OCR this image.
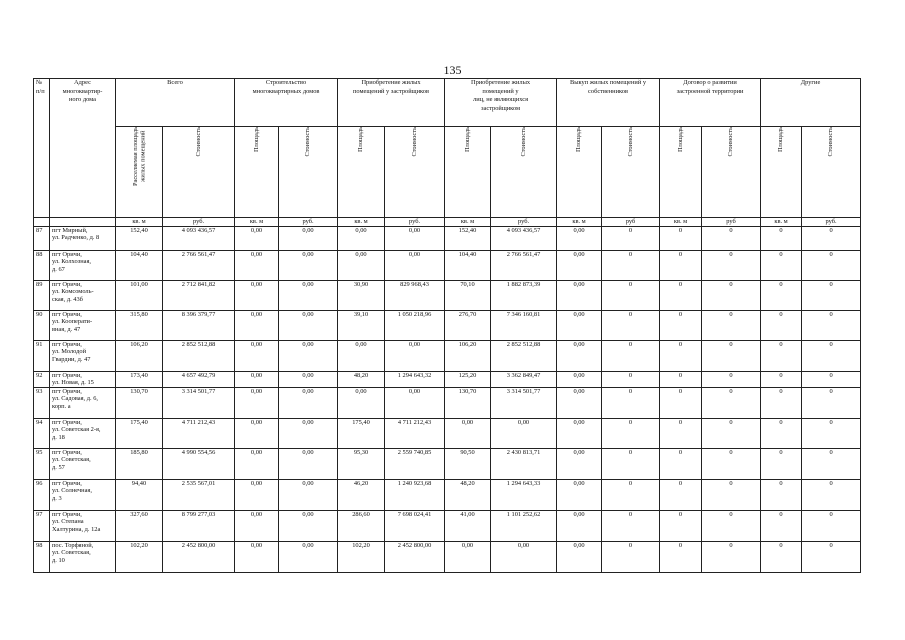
135
№
п/п	Адрес
многоквартир-
ного дома	Всего		Строительство
многоквартирных домов		Приобретение жилых
помещений у застройщиков		Приобретение жилых
помещений у
лиц, не являющихся
застройщиком		Выкуп жилых помещений у
собственников		Договор о развитии
застроенной территории		Другие	

		Расселяемая площадь
жилых помещений	Стоимость	Площадь	Стоимость	Площадь	Стоимость	Площадь	Стоимость	Площадь	Стоимость	Площадь	Стоимость	Площадь	Стоимость

		кв. м	руб.	кв. м	руб.	кв. м	руб.	кв. м	руб.	кв. м	руб	кв. м	руб	кв. м	руб.
87	пгт Мирный,
ул. Радченко, д. 8	152,40	4 093 436,57	0,00	0,00	0,00	0,00	152,40	4 093 436,57	0,00	0	0	0	0	0
88	пгт Оричи,
ул. Колхозная,
д. 67	104,40	2 766 561,47	0,00	0,00	0,00	0,00	104,40	2 766 561,47	0,00	0	0	0	0	0
89	пгт Оричи,
ул. Комсомоль-
ская, д. 43б	101,00	2 712 841,82	0,00	0,00	30,90	829 968,43	70,10	1 882 873,39	0,00	0	0	0	0	0
90	пгт Оричи,
ул. Кооперати-
вная, д. 47	315,80	8 396 379,77	0,00	0,00	39,10	1 050 218,96	276,70	7 346 160,81	0,00	0	0	0	0	0
91	пгт Оричи,
ул. Молодой
Гвардии, д. 47	106,20	2 852 512,88	0,00	0,00	0,00	0,00	106,20	2 852 512,88	0,00	0	0	0	0	0
92	пгт Оричи,
ул. Новая, д. 15	173,40	4 657 492,79	0,00	0,00	48,20	1 294 643,32	125,20	3 362 849,47	0,00	0	0	0	0	0
93	пгт Оричи,
ул. Садовая, д. 6,
корп. а	130,70	3 314 501,77	0,00	0,00	0,00	0,00	130,70	3 314 501,77	0,00	0	0	0	0	0
94	пгт Оричи,
ул. Советская 2-я,
д. 18	175,40	4 711 212,43	0,00	0,00	175,40	4 711 212,43	0,00	0,00	0,00	0	0	0	0	0
95	пгт Оричи,
ул. Советская,
д. 57	185,80	4 990 554,56	0,00	0,00	95,30	2 559 740,85	90,50	2 430 813,71	0,00	0	0	0	0	0
96	пгт Оричи,
ул. Солнечная,
д. 3	94,40	2 535 567,01	0,00	0,00	46,20	1 240 923,68	48,20	1 294 643,33	0,00	0	0	0	0	0
97	пгт Оричи,
ул. Степана
Халтурина, д. 12а	327,60	8 799 277,03	0,00	0,00	286,60	7 698 024,41	41,00	1 101 252,62	0,00	0	0	0	0	0
98	пос. Торфяной,
ул. Советская,
д. 10	102,20	2 452 800,00	0,00	0,00	102,20	2 452 800,00	0,00	0,00	0,00	0	0	0	0	0
